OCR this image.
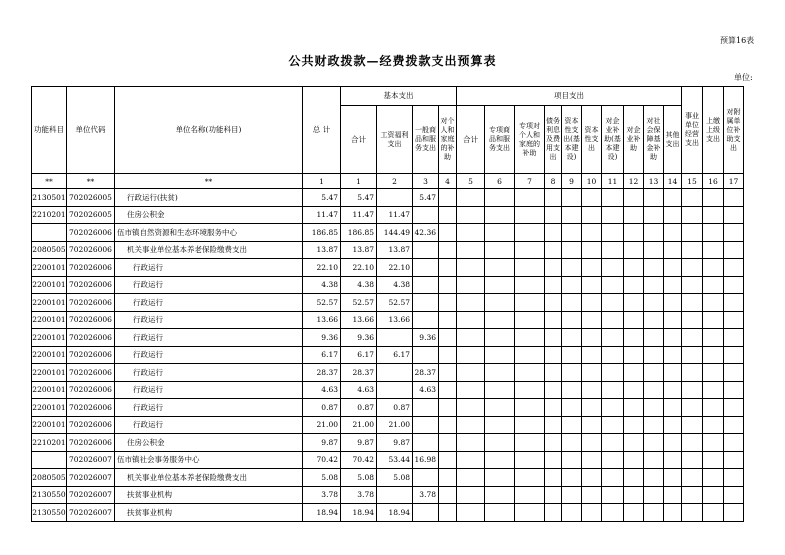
预算16表
公共财政拨款—经费拨款支出预算表
单位:
功能科目	单位代码	单位名称(功能科目)	总 计	基本支出				项目支出										事业单位经营支出	上缴上级支出	对附属单位补助支出
				合计	工资福利支出	一般商品和服务支出	对个人和家庭的补助	合计	专项商品和服务支出	专项对个人和家庭的补助	债务利息及费用支出	资本性支出(基本建设)	资本性支出	对企业补助(基本建设)	对企业补助	对社会保障基金补助	其他支出			
**	**	**	1	1	2	3	4	5	6	7	8	9	10	11	12	13	14	15	16	17
2130501	702026005	行政运行(扶贫)	5.47	5.47		5.47														
2210201	702026005	住房公积金	11.47	11.47	11.47															
	702026006	伍市镇自然资源和生态环境服务中心	186.85	186.85	144.49	42.36														
2080505	702026006	机关事业单位基本养老保险缴费支出	13.87	13.87	13.87															
2200101	702026006	行政运行	22.10	22.10	22.10															
2200101	702026006	行政运行	4.38	4.38	4.38															
2200101	702026006	行政运行	52.57	52.57	52.57															
2200101	702026006	行政运行	13.66	13.66	13.66															
2200101	702026006	行政运行	9.36	9.36		9.36														
2200101	702026006	行政运行	6.17	6.17	6.17															
2200101	702026006	行政运行	28.37	28.37		28.37														
2200101	702026006	行政运行	4.63	4.63		4.63														
2200101	702026006	行政运行	0.87	0.87	0.87															
2200101	702026006	行政运行	21.00	21.00	21.00															
2210201	702026006	住房公积金	9.87	9.87	9.87															
	702026007	伍市镇社会事务服务中心	70.42	70.42	53.44	16.98														
2080505	702026007	机关事业单位基本养老保险缴费支出	5.08	5.08	5.08															
2130550	702026007	扶贫事业机构	3.78	3.78		3.78														
2130550	702026007	扶贫事业机构	18.94	18.94	18.94															
